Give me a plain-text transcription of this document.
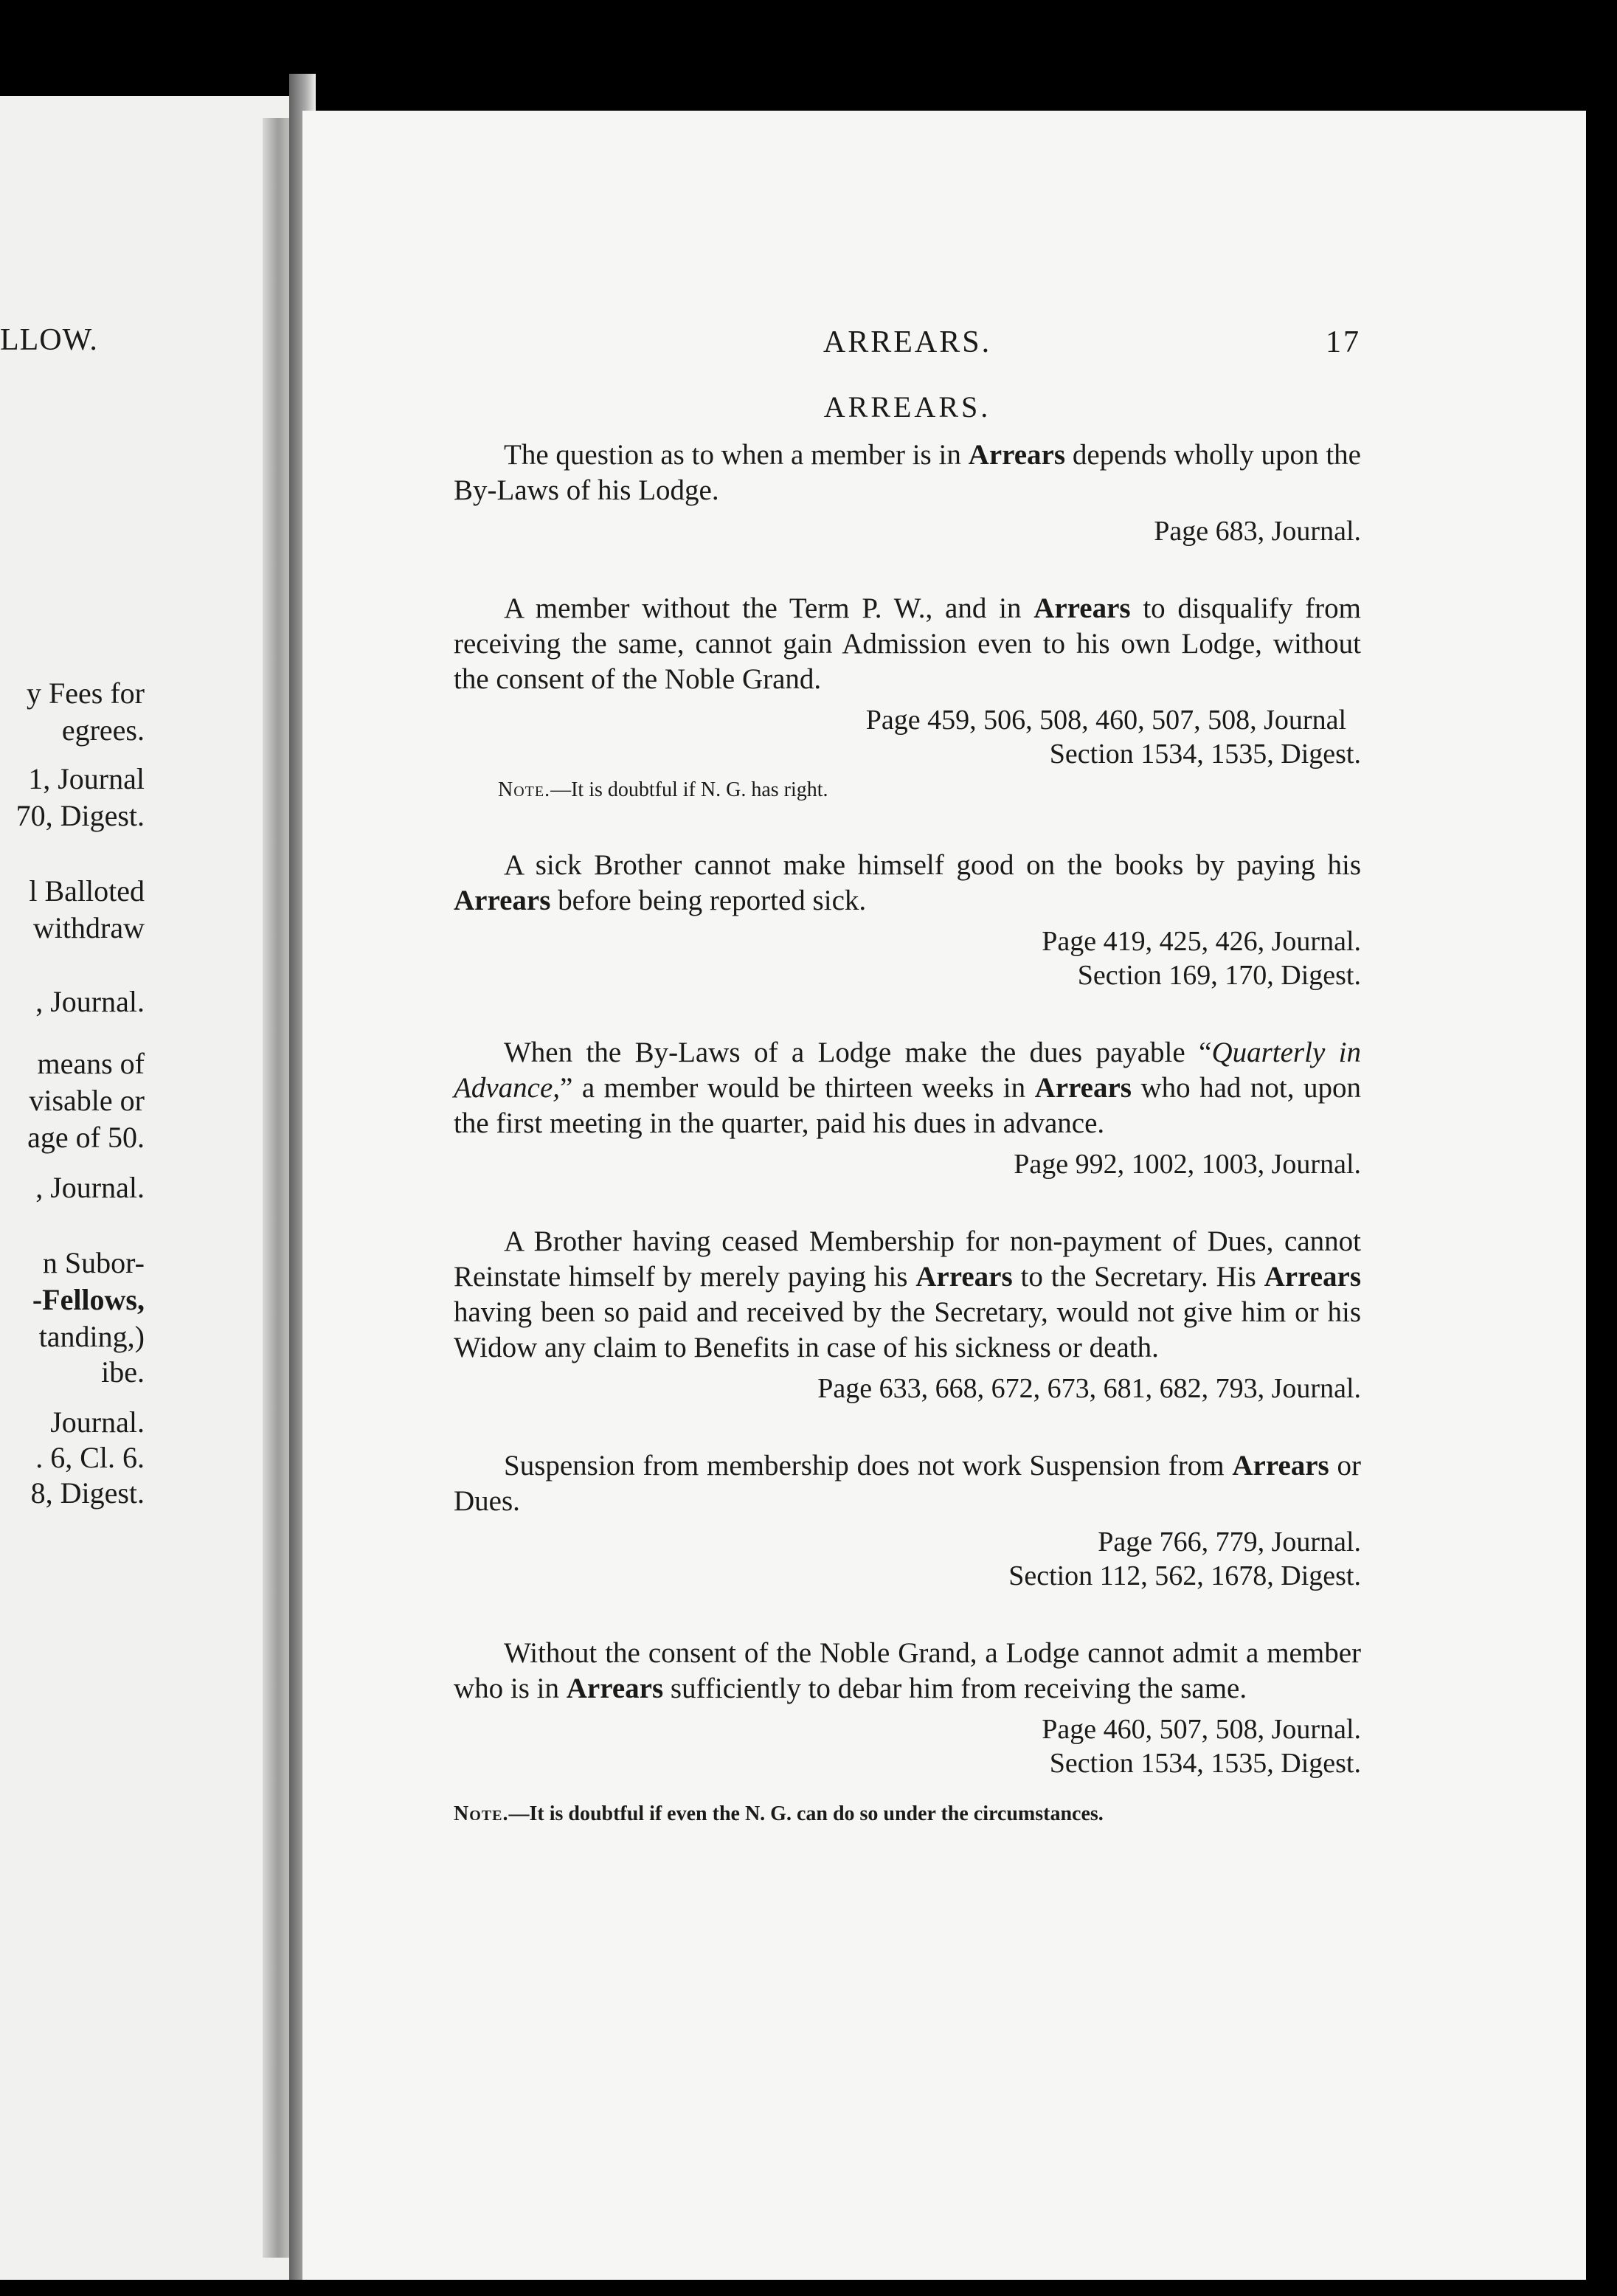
LLOW.
y Fees for
egrees.
1, Journal
70, Digest.
l Balloted
withdraw
, Journal.
means of
visable or
age of 50.
, Journal.
n Subor-
-Fellows,
tanding,)
ibe.
Journal.
. 6, Cl. 6.
8, Digest.
ARREARS.	17
ARREARS.

The question as to when a member is in Arrears depends wholly upon the By-Laws of his Lodge.

Page 683, Journal.

A member without the Term P. W., and in Arrears to disqualify from receiving the same, cannot gain Admission even to his own Lodge, without the consent of the Noble Grand.

Page 459, 506, 508, 460, 507, 508, Journal

Section 1534, 1535, Digest.

Note.—It is doubtful if N. G. has right.

A sick Brother cannot make himself good on the books by paying his Arrears before being reported sick.

Page 419, 425, 426, Journal.

Section 169, 170, Digest.

When the By-Laws of a Lodge make the dues payable “Quarterly in Advance,” a member would be thirteen weeks in Arrears who had not, upon the first meeting in the quarter, paid his dues in advance.

Page 992, 1002, 1003, Journal.

A Brother having ceased Membership for non-payment of Dues, cannot Reinstate himself by merely paying his Arrears to the Secretary. His Arrears having been so paid and received by the Secretary, would not give him or his Widow any claim to Benefits in case of his sickness or death.

Page 633, 668, 672, 673, 681, 682, 793, Journal.

Suspension from membership does not work Suspension from Arrears or Dues.

Page 766, 779, Journal.

Section 112, 562, 1678, Digest.

Without the consent of the Noble Grand, a Lodge cannot admit a member who is in Arrears sufficiently to debar him from receiving the same.

Page 460, 507, 508, Journal.

Section 1534, 1535, Digest.

Note.—It is doubtful if even the N. G. can do so under the circumstances.
